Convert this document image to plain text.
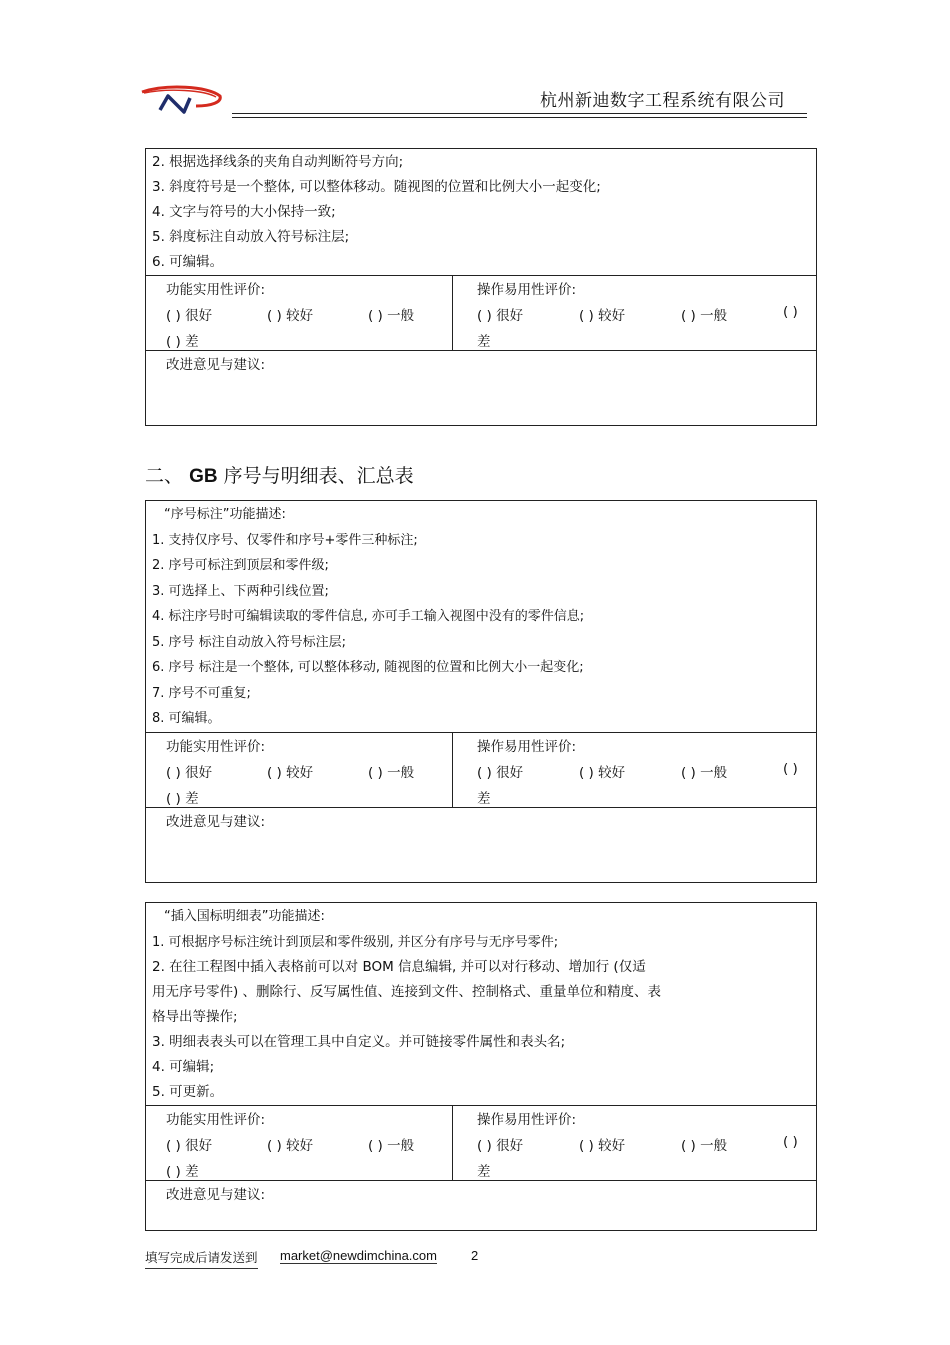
杭州新迪数字工程系统有限公司
2. 根据选择线条的夹角自动判断符号方向;
3. 斜度符号是一个整体, 可以整体移动。随视图的位置和比例大小一起变化;
4. 文字与符号的大小保持一致;
5. 斜度标注自动放入符号标注层;
6. 可编辑。
功能实用性评价:
( ) 很好	( ) 较好	( ) 一般
( ) 差
操作易用性评价:
( ) 很好	( ) 较好	( ) 一般	( )
差
改进意见与建议:
二、 GB 序号与明细表、汇总表
“序号标注”功能描述:
1. 支持仅序号、仅零件和序号+零件三种标注;
2. 序号可标注到顶层和零件级;
3. 可选择上、下两种引线位置;
4. 标注序号时可编辑读取的零件信息, 亦可手工输入视图中没有的零件信息;
5. 序号 标注自动放入符号标注层;
6. 序号 标注是一个整体, 可以整体移动, 随视图的位置和比例大小一起变化;
7. 序号不可重复;
8. 可编辑。
功能实用性评价:
( ) 很好	( ) 较好	( ) 一般
( ) 差
操作易用性评价:
( ) 很好	( ) 较好	( ) 一般	( )
差
改进意见与建议:
“插入国标明细表”功能描述:
1. 可根据序号标注统计到顶层和零件级别, 并区分有序号与无序号零件;
2. 在往工程图中插入表格前可以对 BOM 信息编辑, 并可以对行移动、增加行 (仅适
用无序号零件) 、删除行、反写属性值、连接到文件、控制格式、重量单位和精度、表
格导出等操作;
3. 明细表表头可以在管理工具中自定义。并可链接零件属性和表头名;
4. 可编辑;
5. 可更新。
功能实用性评价:
( ) 很好	( ) 较好	( ) 一般
( ) 差
操作易用性评价:
( ) 很好	( ) 较好	( ) 一般	( )
差
改进意见与建议:
填写完成后请发送到 market@newdimchina.com	2
